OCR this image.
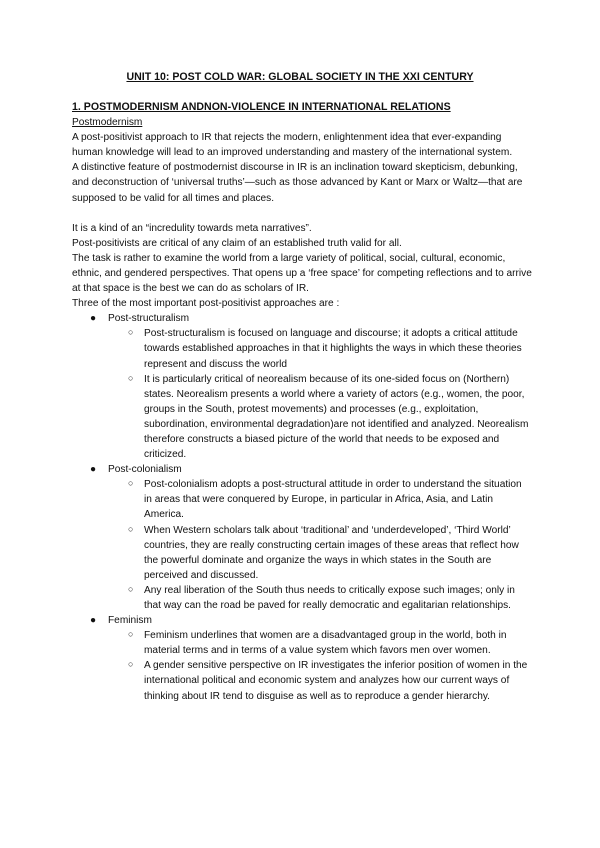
UNIT 10: POST COLD WAR: GLOBAL SOCIETY IN THE XXI CENTURY

1. POSTMODERNISM ANDNON-VIOLENCE IN INTERNATIONAL RELATIONS

Postmodernism

A post-positivist approach to IR that rejects the modern, enlightenment idea that ever-expanding human knowledge will lead to an improved understanding and mastery of the international system.

A distinctive feature of postmodernist discourse in IR is an inclination toward skepticism, debunking, and deconstruction of ‘universal truths’—such as those advanced by Kant or Marx or Waltz—that are supposed to be valid for all times and places.

It is a kind of an “incredulity towards meta narratives”.

Post-positivists are critical of any claim of an established truth valid for all.

The task is rather to examine the world from a large variety of political, social, cultural, economic, ethnic, and gendered perspectives. That opens up a ‘free space’ for competing reflections and to arrive at that space is the best we can do as scholars of IR.

Three of the most important post-positivist approaches are :

● Post-structuralism
○ Post-structuralism is focused on language and discourse; it adopts a critical attitude towards established approaches in that it highlights the ways in which these theories represent and discuss the world
○ It is particularly critical of neorealism because of its one-sided focus on (Northern) states. Neorealism presents a world where a variety of actors (e.g., women, the poor, groups in the South, protest movements) and processes (e.g., exploitation, subordination, environmental degradation)are not identified and analyzed. Neorealism therefore constructs a biased picture of the world that needs to be exposed and criticized.
● Post-colonialism
○ Post-colonialism adopts a post-structural attitude in order to understand the situation in areas that were conquered by Europe, in particular in Africa, Asia, and Latin America.
○ When Western scholars talk about ‘traditional’ and ‘underdeveloped’, ‘Third World’ countries, they are really constructing certain images of these areas that reflect how the powerful dominate and organize the ways in which states in the South are perceived and discussed.
○ Any real liberation of the South thus needs to critically expose such images; only in that way can the road be paved for really democratic and egalitarian relationships.
● Feminism
○ Feminism underlines that women are a disadvantaged group in the world, both in material terms and in terms of a value system which favors men over women.
○ A gender sensitive perspective on IR investigates the inferior position of women in the international political and economic system and analyzes how our current ways of thinking about IR tend to disguise as well as to reproduce a gender hierarchy.
